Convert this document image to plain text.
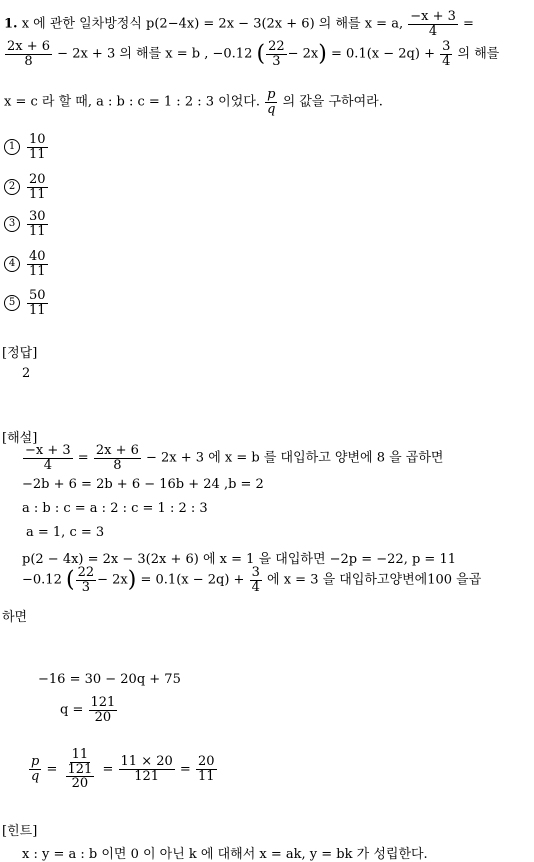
1. x 에 관한 일차방정식 p(2−4x) = 2x − 3(2x + 6) 의 해를 x = a, $\frac{-x + 3}{4}$ =
$\frac{2x + 6}{8} - 2x + 3$ 의 해를 x = b , −0.12 ( $\frac{22}{3} - 2x) = 0.1(x - 2q) + \frac{3}{4}$ 의 해를
x = c 라 할 때, a : b : c = 1 : 2 : 3 이었다. $\frac{p}{q}$ 의 값을 구하여라.
$1 \frac{10}{11}$
$2 \frac{20}{11}$
$3 \frac{30}{11}$
$4 \frac{40}{11}$
$5 \frac{50}{11}$
[정답]
2
[해설]
$\frac{-x + 3}{4} = \frac{2x + 6}{8} - 2x + 3$ 에 x = b 를 대입하고 양변에 8 을 곱하면
−2b + 6 = 2b + 6 − 16b + 24 ,b = 2
a : b : c = a : 2 : c = 1 : 2 : 3
a = 1, c = 3
p(2 − 4x) = 2x − 3(2x + 6) 에 x = 1 을 대입하면 −2p = −22, p = 11
−0.12 ( $\frac{22}{3} - 2x) = 0.1(x - 2q) + \frac{3}{4}$ 에 x = 3 을 대입하고양변에100 을곱
하면
−16 = 30 − 20q + 75
$q = \frac{121}{20}$
$\frac{p}{q} = \frac{11}{\frac{121}{20}} = \frac{11 \times 20}{121} = \frac{20}{11}$
[힌트]
x : y = a : b 이면 0 이 아닌 k 에 대해서 x = ak, y = bk 가 성립한다.
